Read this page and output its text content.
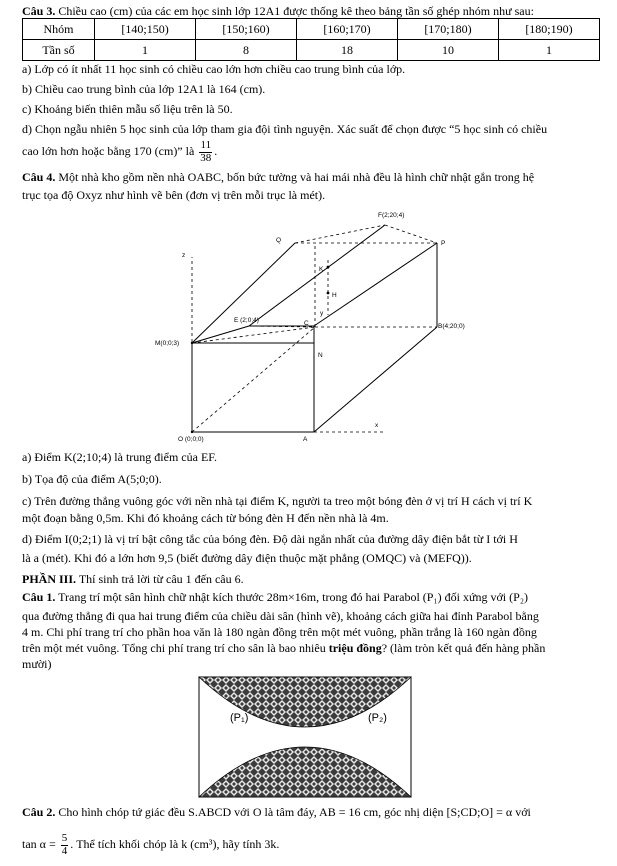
Câu 3. Chiều cao (cm) của các em học sinh lớp 12A1 được thống kê theo bảng tần số ghép nhóm như sau:

Nhóm	[140;150)	[150;160)	[160;170)	[170;180)	[180;190)
Tần số	1	8	18	10	1

a) Lớp có ít nhất 11 học sinh có chiều cao lớn hơn chiều cao trung bình của lớp.

b) Chiều cao trung bình của lớp 12A1 là 164 (cm).

c) Khoảng biến thiên mẫu số liệu trên là 50.

d) Chọn ngẫu nhiên 5 học sinh của lớp tham gia đội tình nguyện. Xác suất để chọn được “5 học sinh có chiều

cao lớn hơn hoặc bằng 170 (cm)” là $\frac{11}{38}$ .

Câu 4. Một nhà kho gồm nền nhà OABC, bốn bức tường và hai mái nhà đều là hình chữ nhật gắn trong hệ

trục tọa độ Oxyz như hình vẽ bên (đơn vị trên mỗi trục là mét).

F(2;20;4)
Q	P
K
H
E (2;0;4)	C	B(4;20;0)
M(0;0;3)
N
O (0;0;0)	A
x
y
z

a) Điểm K(2;10;4) là trung điểm của EF.

b) Tọa độ của điểm A(5;0;0).

c) Trên đường thẳng vuông góc với nền nhà tại điểm K, người ta treo một bóng đèn ở vị trí H cách vị trí K

một đoạn bằng 0,5m. Khi đó khoảng cách từ bóng đèn H đến nền nhà là 4m.

d) Điểm I(0;2;1) là vị trí bật công tắc của bóng đèn. Độ dài ngắn nhất của đường dây điện bắt từ I tới H

là a (mét). Khi đó a lớn hơn 9,5 (biết đường dây điện thuộc mặt phẳng (OMQC) và (MEFQ)).

PHẦN III. Thí sinh trả lời từ câu 1 đến câu 6.

Câu 1. Trang trí một sân hình chữ nhật kích thước 28m×16m, trong đó hai Parabol (P₁) đối xứng với (P₂)

qua đường thẳng đi qua hai trung điểm của chiều dài sân (hình vẽ), khoảng cách giữa hai đỉnh Parabol bằng

4 m. Chi phí trang trí cho phần hoa văn là 180 ngàn đồng trên một mét vuông, phần trắng là 160 ngàn đồng

trên một mét vuông. Tổng chi phí trang trí cho sân là bao nhiêu triệu đồng? (làm tròn kết quả đến hàng phần

mười)

(P₁)	(P₂)

Câu 2. Cho hình chóp tứ giác đều S.ABCD với O là tâm đáy, AB = 16 cm, góc nhị diện [S;CD;O] = α với

$\tan \alpha = \frac{5}{4}$ . Thể tích khối chóp là k (cm³), hãy tính 3k.
